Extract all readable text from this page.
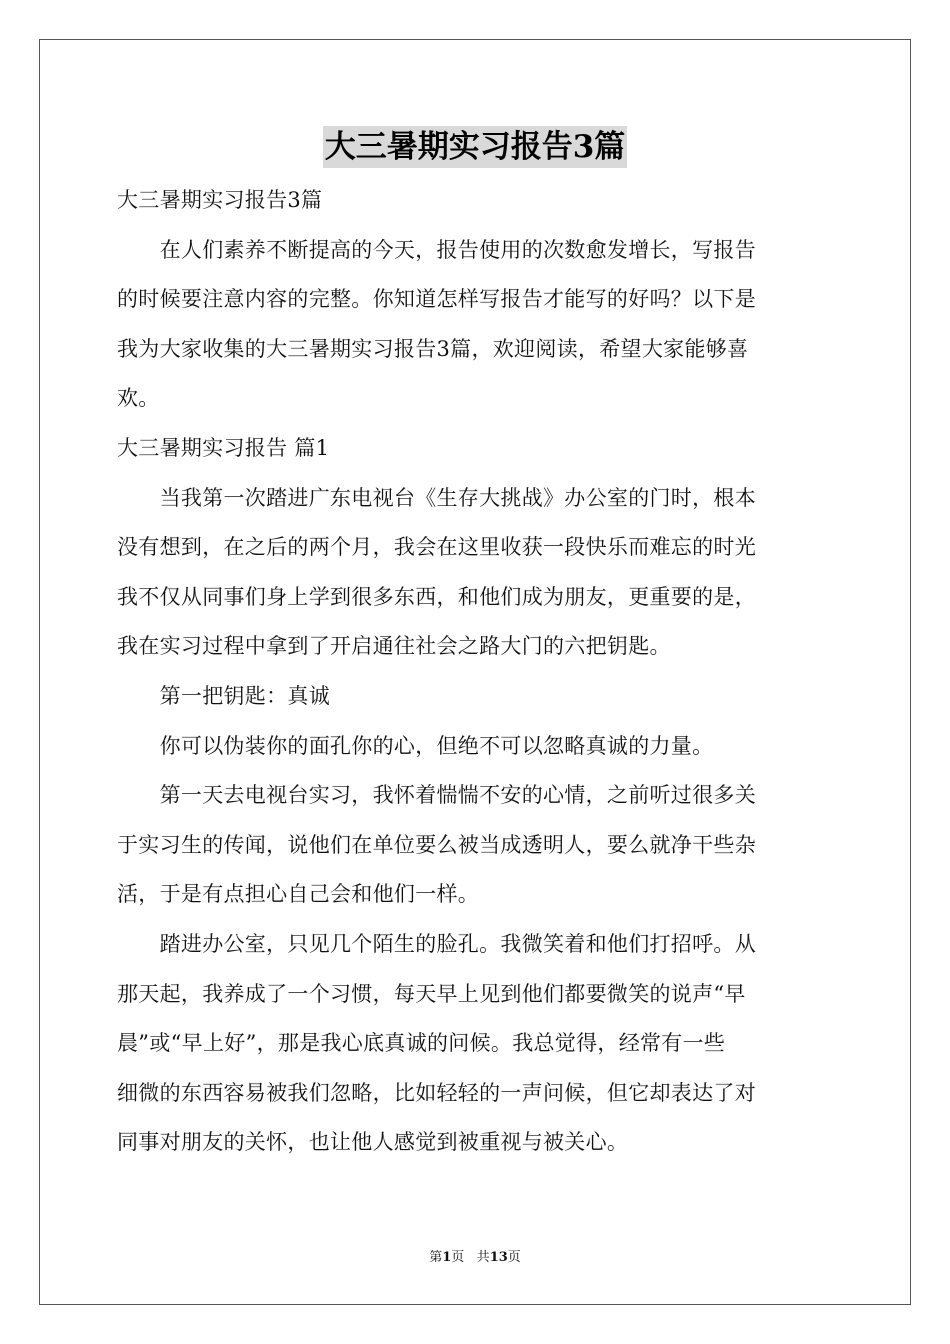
大三暑期实习报告3篇
大三暑期实习报告3篇
　　在人们素养不断提高的今天，报告使用的次数愈发增长，写报告
的时候要注意内容的完整。你知道怎样写报告才能写的好吗？以下是
我为大家收集的大三暑期实习报告3篇，欢迎阅读，希望大家能够喜
欢。
大三暑期实习报告 篇1
　　当我第一次踏进广东电视台《生存大挑战》办公室的门时，根本
没有想到，在之后的两个月，我会在这里收获一段快乐而难忘的时光
我不仅从同事们身上学到很多东西，和他们成为朋友，更重要的是，
我在实习过程中拿到了开启通往社会之路大门的六把钥匙。
　　第一把钥匙：真诚
　　你可以伪装你的面孔你的心，但绝不可以忽略真诚的力量。
　　第一天去电视台实习，我怀着惴惴不安的心情，之前听过很多关
于实习生的传闻，说他们在单位要么被当成透明人，要么就净干些杂
活，于是有点担心自己会和他们一样。
　　踏进办公室，只见几个陌生的脸孔。我微笑着和他们打招呼。从
那天起，我养成了一个习惯，每天早上见到他们都要微笑的说声“早
晨”或“早上好”，那是我心底真诚的问候。我总觉得，经常有一些
细微的东西容易被我们忽略，比如轻轻的一声问候，但它却表达了对
同事对朋友的关怀，也让他人感觉到被重视与被关心。
第1页 共13页
